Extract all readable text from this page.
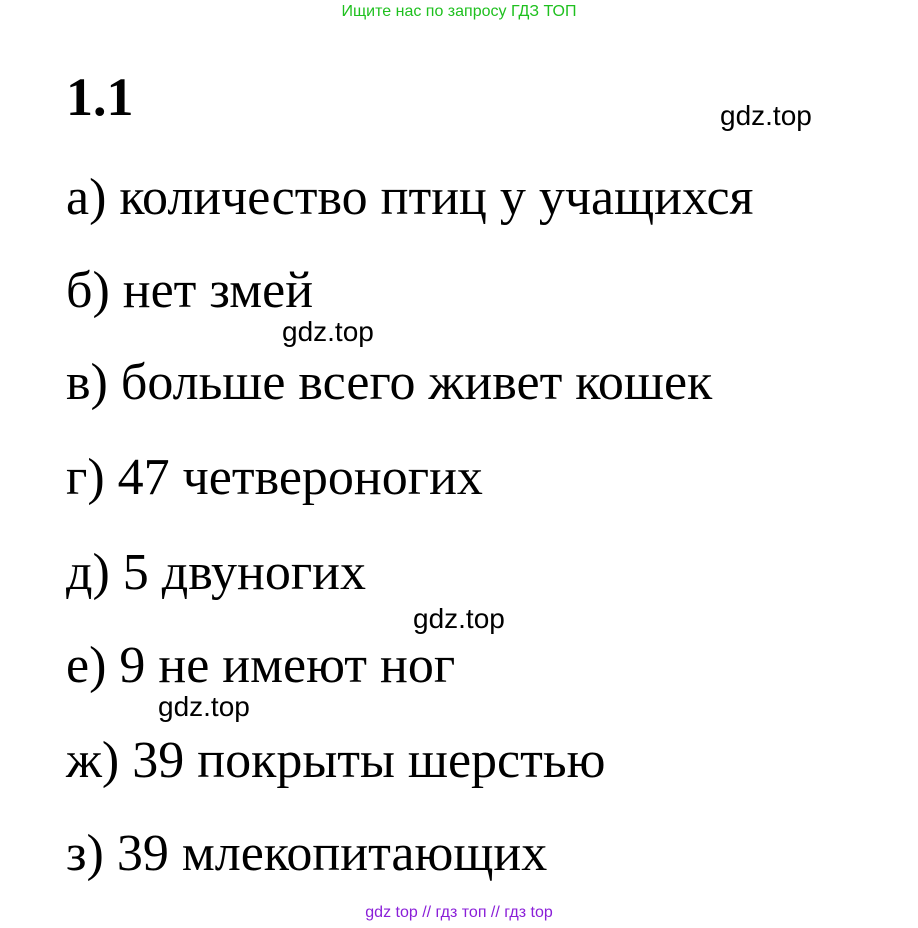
Ищите нас по запросу ГДЗ ТОП
1.1	gdz.top
а) количество птиц у учащихся
б) нет змей
gdz.top
в) больше всего живет кошек
г) 47 четвероногих
д) 5 двуногих
gdz.top
е) 9 не имеют ног
gdz.top
ж) 39 покрыты шерстью
з) 39 млекопитающих
gdz top // гдз топ // гдз top
